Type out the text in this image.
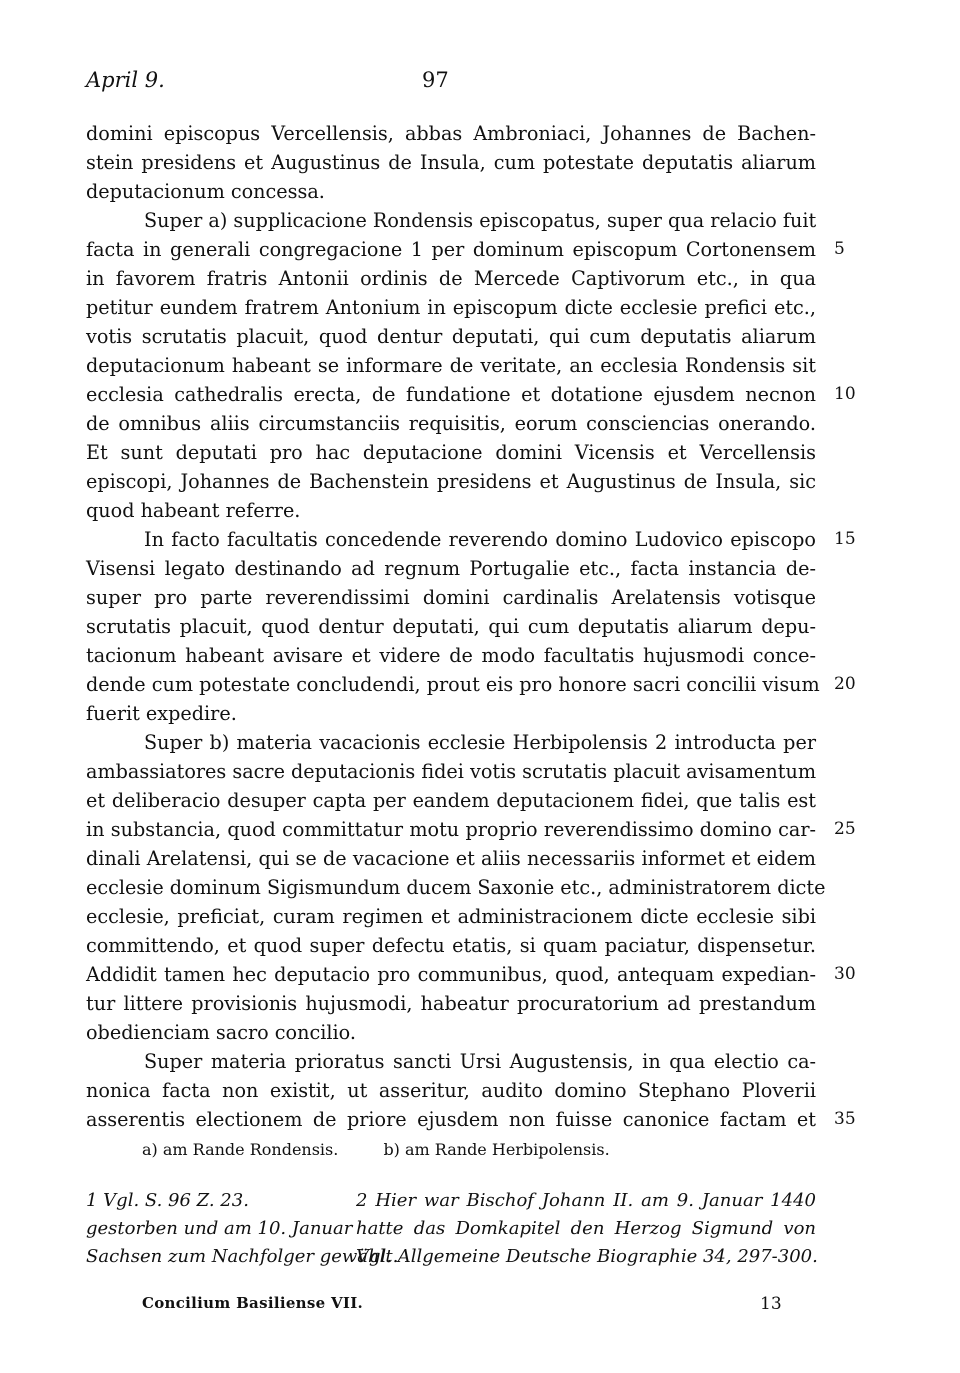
April 9.	97
domini episcopus Vercellensis, abbas Ambroniaci, Johannes de Bachen-
stein presidens et Augustinus de Insula, cum potestate deputatis aliarum
deputacionum concessa.
Super a) supplicacione Rondensis episcopatus, super qua relacio fuit
facta in generali congregacione 1 per dominum episcopum Cortonensem 5
in favorem fratris Antonii ordinis de Mercede Captivorum etc., in qua
petitur eundem fratrem Antonium in episcopum dicte ecclesie prefici etc.,
votis scrutatis placuit, quod dentur deputati, qui cum deputatis aliarum
deputacionum habeant se informare de veritate, an ecclesia Rondensis sit
ecclesia cathedralis erecta, de fundatione et dotatione ejusdem necnon 10
de omnibus aliis circumstanciis requisitis, eorum consciencias onerando.
Et sunt deputati pro hac deputacione domini Vicensis et Vercellensis
episcopi, Johannes de Bachenstein presidens et Augustinus de Insula, sic
quod habeant referre.
In facto facultatis concedende reverendo domino Ludovico episcopo 15
Visensi legato destinando ad regnum Portugalie etc., facta instancia de-
super pro parte reverendissimi domini cardinalis Arelatensis votisque
scrutatis placuit, quod dentur deputati, qui cum deputatis aliarum depu-
tacionum habeant avisare et videre de modo facultatis hujusmodi conce-
dende cum potestate concludendi, prout eis pro honore sacri concilii visum 20
fuerit expedire.
Super b) materia vacacionis ecclesie Herbipolensis 2 introducta per
ambassiatores sacre deputacionis fidei votis scrutatis placuit avisamentum
et deliberacio desuper capta per eandem deputacionem fidei, que talis est
in substancia, quod committatur motu proprio reverendissimo domino car- 25
dinali Arelatensi, qui se de vacacione et aliis necessariis informet et eidem
ecclesie dominum Sigismundum ducem Saxonie etc., administratorem dicte
ecclesie, preficiat, curam regimen et administracionem dicte ecclesie sibi
committendo, et quod super defectu etatis, si quam paciatur, dispensetur.
Addidit tamen hec deputacio pro communibus, quod, antequam expedian- 30
tur littere provisionis hujusmodi, habeatur procuratorium ad prestandum
obedienciam sacro concilio.
Super materia prioratus sancti Ursi Augustensis, in qua electio ca-
nonica facta non existit, ut asseritur, audito domino Stephano Ploverii
asserentis electionem de priore ejusdem non fuisse canonice factam et 35
a) am Rande Rondensis.	b) am Rande Herbipolensis.
1 Vgl. S. 96 Z. 23.	2 Hier war Bischof Johann II. am 9. Januar 1440
gestorben und am 10. Januar hatte das Domkapitel den Herzog Sigmund von
Sachsen zum Nachfolger gewählt.
Vgl. Allgemeine Deutsche Biographie 34, 297-300.
Concilium Basiliense VII.	13
